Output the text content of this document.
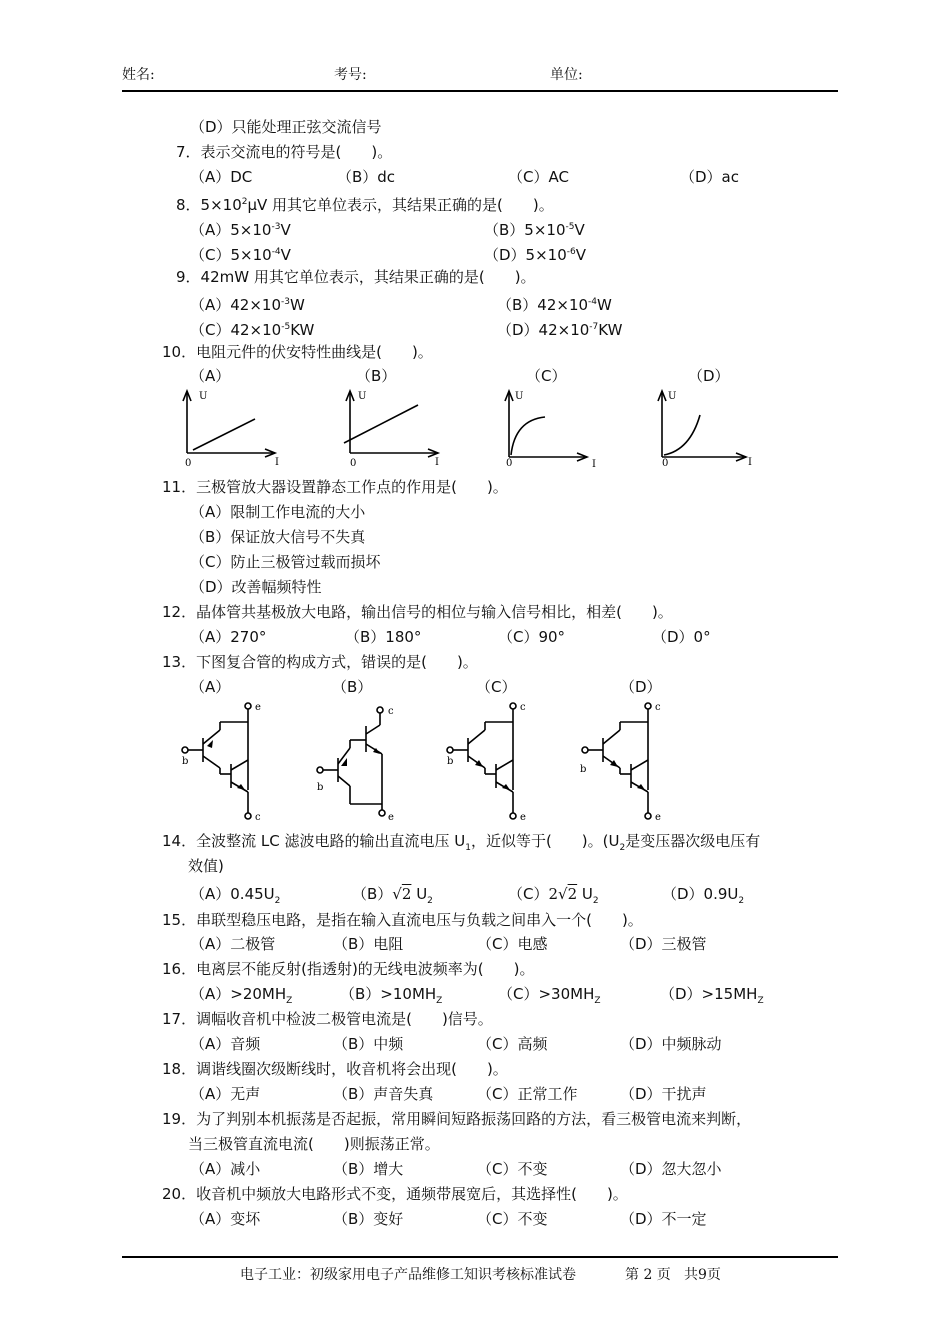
姓名:	考号:	单位:
（D）只能处理正弦交流信号
7．表示交流电的符号是(　　)。
（A）DC	（B）dc	（C）AC	（D）ac
8．$5\times 10^2\mu V$ 用其它单位表示，其结果正确的是(　　)。
$(A)5\times 10^{-3}V$	$(B)5\times 10^{-5}V$
$(C)5\times 10^{-4}V$	$(D)5\times 10^{-6}V$
9．42mW 用其它单位表示，其结果正确的是(　　)。
$(A)42\times 10^{-3}W$	$(B)42\times 10^{-4}W$
$(C)42\times 10^{-5}KW$	$(D)42\times 10^{-7}KW$
10．电阻元件的伏安特性曲线是(　　)。
（A）	（B）	（C）	（D）
U
0	I
U
0	I
U
0	I
U
0	I
11．三极管放大器设置静态工作点的作用是(　　)。
（A）限制工作电流的大小
（B）保证放大信号不失真
（C）防止三极管过载而损坏
（D）改善幅频特性
12．晶体管共基极放大电路，输出信号的相位与输入信号相比，相差(　　)。
（A）270°	（B）180°	（C）90°	（D）0°
13．下图复合管的构成方式，错误的是(　　)。
（A）	（B）	（C）	（D）
e
b
c
c
b
e
c
b
e
c
b
e
14．全波整流 LC 滤波电路的输出直流电压 $U_1$，近似等于(　　)。($U_2$是变压器次级电压有
效值)
$(A)0.45U_2$	（B）√2 $U_2$	（C）2√2 $U_2$	$(D)0.9U_2$
15．串联型稳压电路，是指在输入直流电压与负载之间串入一个(　　)。
（A）二极管	（B）电阻	（C）电感	（D）三极管
16．电离层不能反射(指透射)的无线电波频率为(　　)。
$(A)>20MH_Z$	$(B)>10MH_Z$	$(C)>30MH_Z$	$(D)>15MH_Z$
17．调幅收音机中检波二极管电流是(　　)信号。
（A）音频	（B）中频	（C）高频	（D）中频脉动
18．调谐线圈次级断线时，收音机将会出现(　　)。
（A）无声	（B）声音失真	（C）正常工作	（D）干扰声
19．为了判别本机振荡是否起振，常用瞬间短路振荡回路的方法，看三极管电流来判断，
当三极管直流电流(　　)则振荡正常。
（A）减小	（B）增大	（C）不变	（D）忽大忽小
20．收音机中频放大电路形式不变，通频带展宽后，其选择性(　　)。
（A）变坏	（B）变好	（C）不变	（D）不一定
电子工业：初级家用电子产品维修工知识考核标准试卷	第 2 页 共9页
